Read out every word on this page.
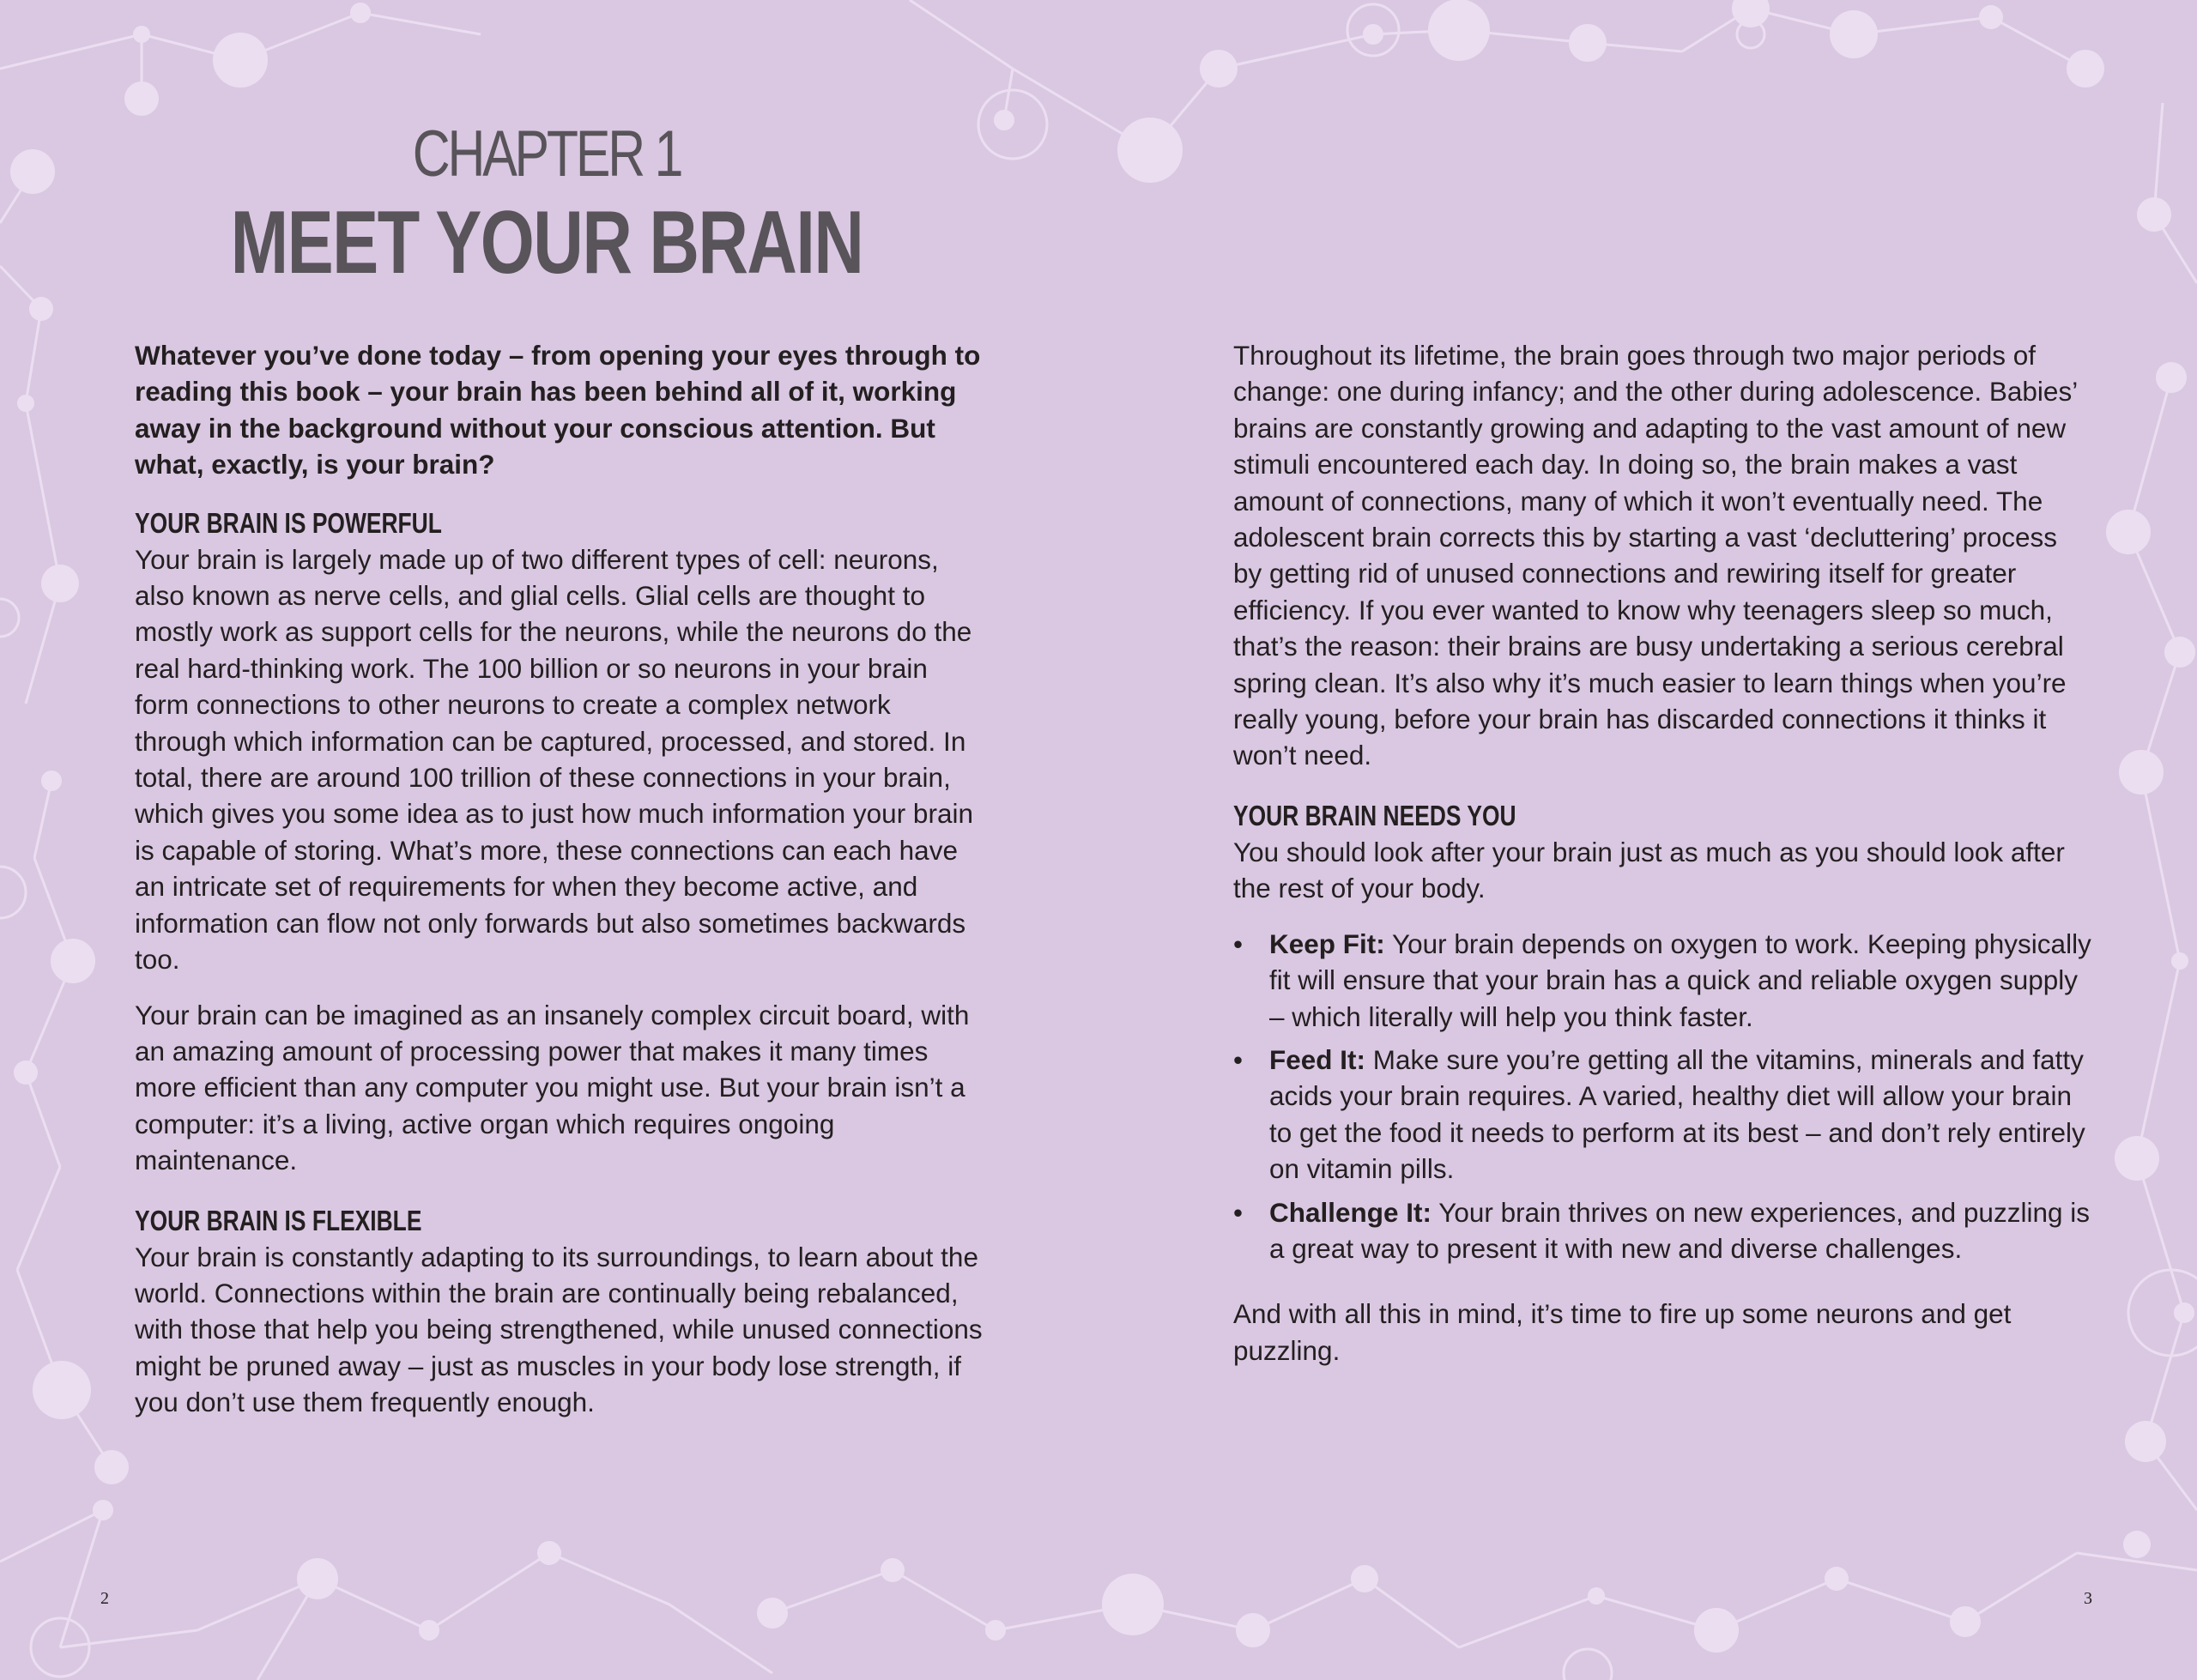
CHAPTER 1
MEET YOUR BRAIN

Whatever you’ve done today – from opening your eyes through to reading this book – your brain has been behind all of it, working away in the background without your conscious attention. But what, exactly, is your brain?

YOUR BRAIN IS POWERFUL

Your brain is largely made up of two different types of cell: neurons, also known as nerve cells, and glial cells. Glial cells are thought to mostly work as support cells for the neurons, while the neurons do the real hard-thinking work. The 100 billion or so neurons in your brain form connections to other neurons to create a complex network through which information can be captured, processed, and stored. In total, there are around 100 trillion of these connections in your brain, which gives you some idea as to just how much information your brain is capable of storing. What’s more, these connections can each have an intricate set of requirements for when they become active, and information can flow not only forwards but also sometimes backwards too.

Your brain can be imagined as an insanely complex circuit board, with an amazing amount of processing power that makes it many times more efficient than any computer you might use. But your brain isn’t a computer: it’s a living, active organ which requires ongoing maintenance.

YOUR BRAIN IS FLEXIBLE

Your brain is constantly adapting to its surroundings, to learn about the world. Connections within the brain are continually being rebalanced, with those that help you being strengthened, while unused connections might be pruned away – just as muscles in your body lose strength, if you don’t use them frequently enough.

2

Throughout its lifetime, the brain goes through two major periods of change: one during infancy; and the other during adolescence. Babies’ brains are constantly growing and adapting to the vast amount of new stimuli encountered each day. In doing so, the brain makes a vast amount of connections, many of which it won’t eventually need. The adolescent brain corrects this by starting a vast ‘decluttering’ process by getting rid of unused connections and rewiring itself for greater efficiency. If you ever wanted to know why teenagers sleep so much, that’s the reason: their brains are busy undertaking a serious cerebral spring clean. It’s also why it’s much easier to learn things when you’re really young, before your brain has discarded connections it thinks it won’t need.

YOUR BRAIN NEEDS YOU

You should look after your brain just as much as you should look after the rest of your body.

• Keep Fit: Your brain depends on oxygen to work. Keeping physically fit will ensure that your brain has a quick and reliable oxygen supply – which literally will help you think faster.
• Feed It: Make sure you’re getting all the vitamins, minerals and fatty acids your brain requires. A varied, healthy diet will allow your brain to get the food it needs to perform at its best – and don’t rely entirely on vitamin pills.
• Challenge It: Your brain thrives on new experiences, and puzzling is a great way to present it with new and diverse challenges.

And with all this in mind, it’s time to fire up some neurons and get puzzling.

3
